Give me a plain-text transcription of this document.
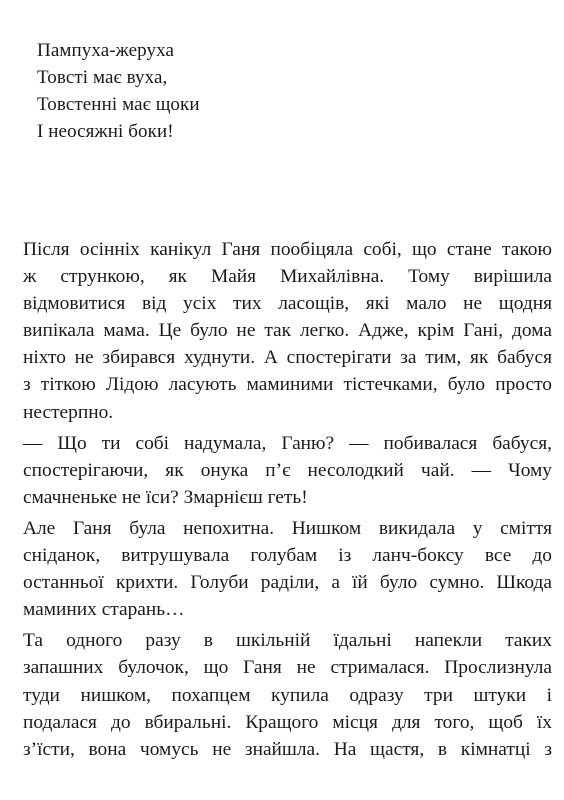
Пампуха-жеруха
Товсті має вуха,
Товстенні має щоки
І неосяжні боки!
Після осінніх канікул Ганя пообіцяла собі, що стане такою
ж стрункою, як Майя Михайлівна. Тому вирішила
відмовитися від усіх тих ласощів, які мало не щодня
випікала мама. Це було не так легко. Адже, крім Гані, дома
ніхто не збирався худнути. А спостерігати за тим, як бабуся
з тіткою Лідою ласують маминими тістечками, було просто
нестерпно.
— Що ти собі надумала, Ганю? — побивалася бабуся,
спостерігаючи, як онука п’є несолодкий чай. — Чому
смачненьке не їси? Змарнієш геть!
Але Ганя була непохитна. Нишком викидала у сміття
сніданок, витрушувала голубам із ланч-боксу все до
останньої крихти. Голуби раділи, а їй було сумно. Шкода
маминих старань…
Та одного разу в шкільній їдальні напекли таких
запашних булочок, що Ганя не стрималася. Прослизнула
туди нишком, похапцем купила одразу три штуки і
подалася до вбиральні. Кращого місця для того, щоб їх
з’їсти, вона чомусь не знайшла. На щастя, в кімнатці з
